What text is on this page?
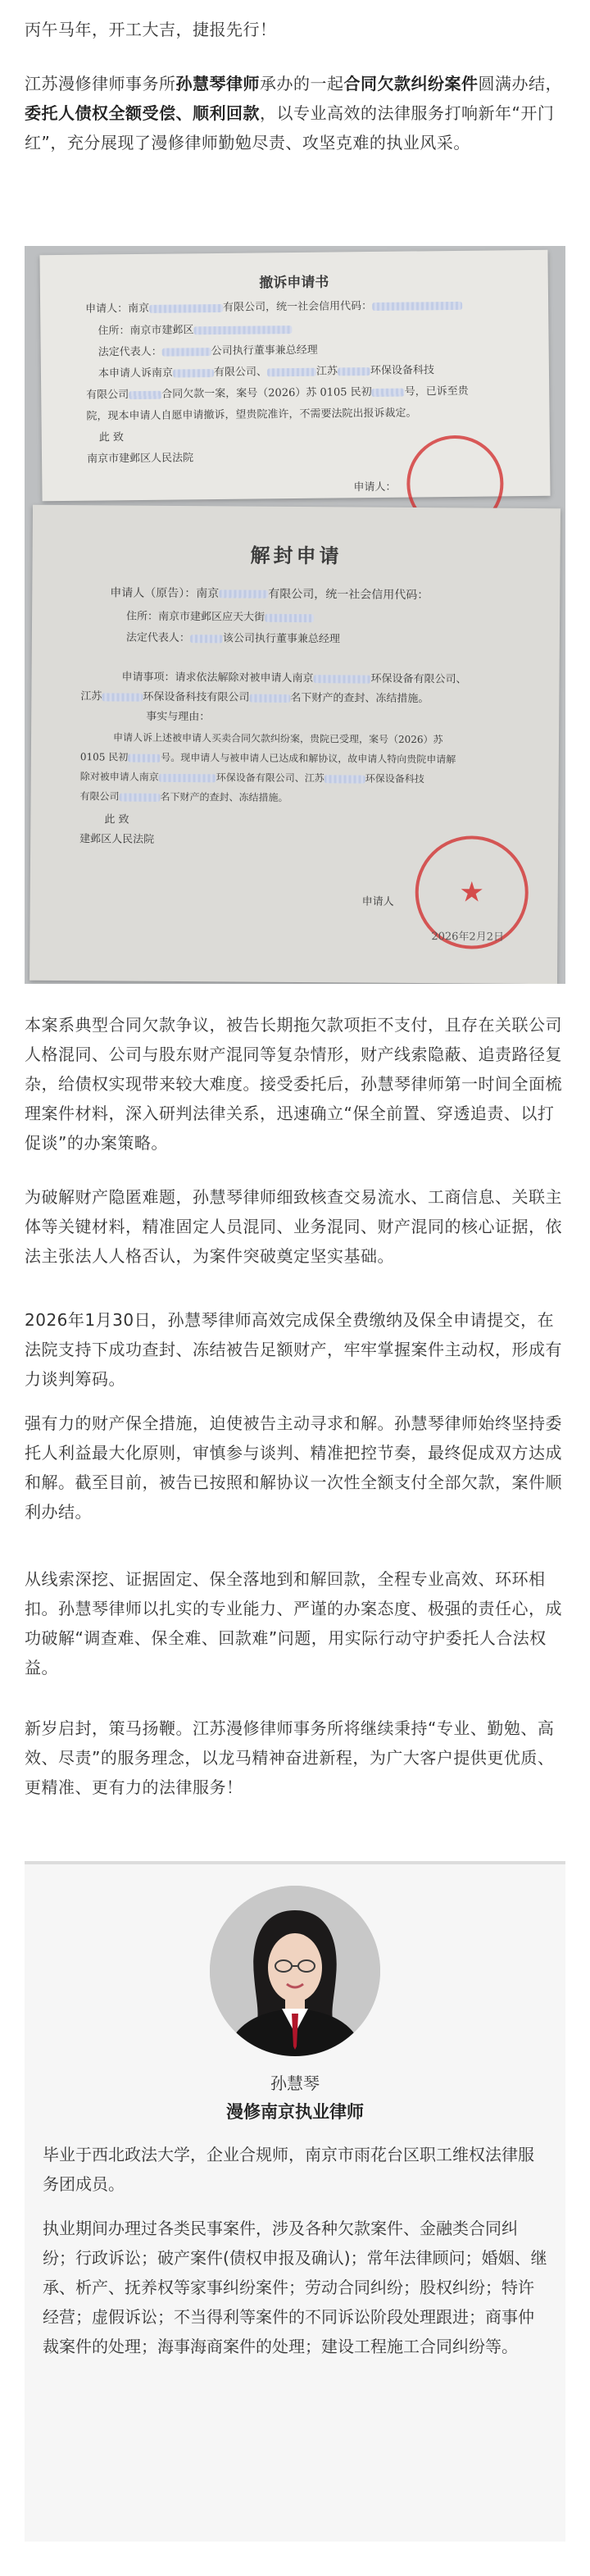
丙午马年，开工大吉，捷报先行！

江苏漫修律师事务所孙慧琴律师承办的一起合同欠款纠纷案件圆满办结，委托人债权全额受偿、顺利回款，以专业高效的法律服务打响新年“开门红”，充分展现了漫修律师勤勉尽责、攻坚克难的执业风采。

撤诉申请书
申请人：南京	有限公司，统一社会信用代码：
住所：南京市建邺区
法定代表人：	公司执行董事兼总经理
本申请人诉南京	有限公司、	江苏	环保设备科技
有限公司	合同欠款一案，案号（2026）苏 0105 民初	号，已诉至贵
院，现本申请人自愿申请撤诉，望贵院准许，不需要法院出报诉裁定。
此 致
南京市建邺区人民法院
申请人：
解封申请
申请人（原告）：南京	有限公司，统一社会信用代码：
住所：南京市建邺区应天大街
法定代表人：	该公司执行董事兼总经理
申请事项：请求依法解除对被申请人南京	环保设备有限公司、
江苏	环保设备科技有限公司	名下财产的查封、冻结措施。
事实与理由：
申请人诉上述被申请人买卖合同欠款纠纷案，贵院已受理，案号（2026）苏
0105 民初	号。现申请人与被申请人已达成和解协议，故申请人特向贵院申请解
除对被申请人南京	环保设备有限公司、江苏	环保设备科技
有限公司	名下财产的查封、冻结措施。
此 致
建邺区人民法院
申请人	★
2026年2月2日

本案系典型合同欠款争议，被告长期拖欠款项拒不支付，且存在关联公司人格混同、公司与股东财产混同等复杂情形，财产线索隐蔽、追责路径复杂，给债权实现带来较大难度。接受委托后，孙慧琴律师第一时间全面梳理案件材料，深入研判法律关系，迅速确立“保全前置、穿透追责、以打促谈”的办案策略。

为破解财产隐匿难题，孙慧琴律师细致核查交易流水、工商信息、关联主体等关键材料，精准固定人员混同、业务混同、财产混同的核心证据，依法主张法人人格否认，为案件突破奠定坚实基础。

2026年1月30日，孙慧琴律师高效完成保全费缴纳及保全申请提交，在法院支持下成功查封、冻结被告足额财产，牢牢掌握案件主动权，形成有力谈判筹码。

强有力的财产保全措施，迫使被告主动寻求和解。孙慧琴律师始终坚持委托人利益最大化原则，审慎参与谈判、精准把控节奏，最终促成双方达成和解。截至目前，被告已按照和解协议一次性全额支付全部欠款，案件顺利办结。

从线索深挖、证据固定、保全落地到和解回款，全程专业高效、环环相扣。孙慧琴律师以扎实的专业能力、严谨的办案态度、极强的责任心，成功破解“调查难、保全难、回款难”问题，用实际行动守护委托人合法权益。

新岁启封，策马扬鞭。江苏漫修律师事务所将继续秉持“专业、勤勉、高效、尽责”的服务理念，以龙马精神奋进新程，为广大客户提供更优质、更精准、更有力的法律服务！

孙慧琴
漫修南京执业律师

毕业于西北政法大学，企业合规师，南京市雨花台区职工维权法律服务团成员。

执业期间办理过各类民事案件，涉及各种欠款案件、金融类合同纠纷；行政诉讼；破产案件(债权申报及确认)；常年法律顾问；婚姻、继承、析产、抚养权等家事纠纷案件；劳动合同纠纷；股权纠纷；特许经营；虚假诉讼；不当得利等案件的不同诉讼阶段处理跟进；商事仲裁案件的处理；海事海商案件的处理；建设工程施工合同纠纷等。
